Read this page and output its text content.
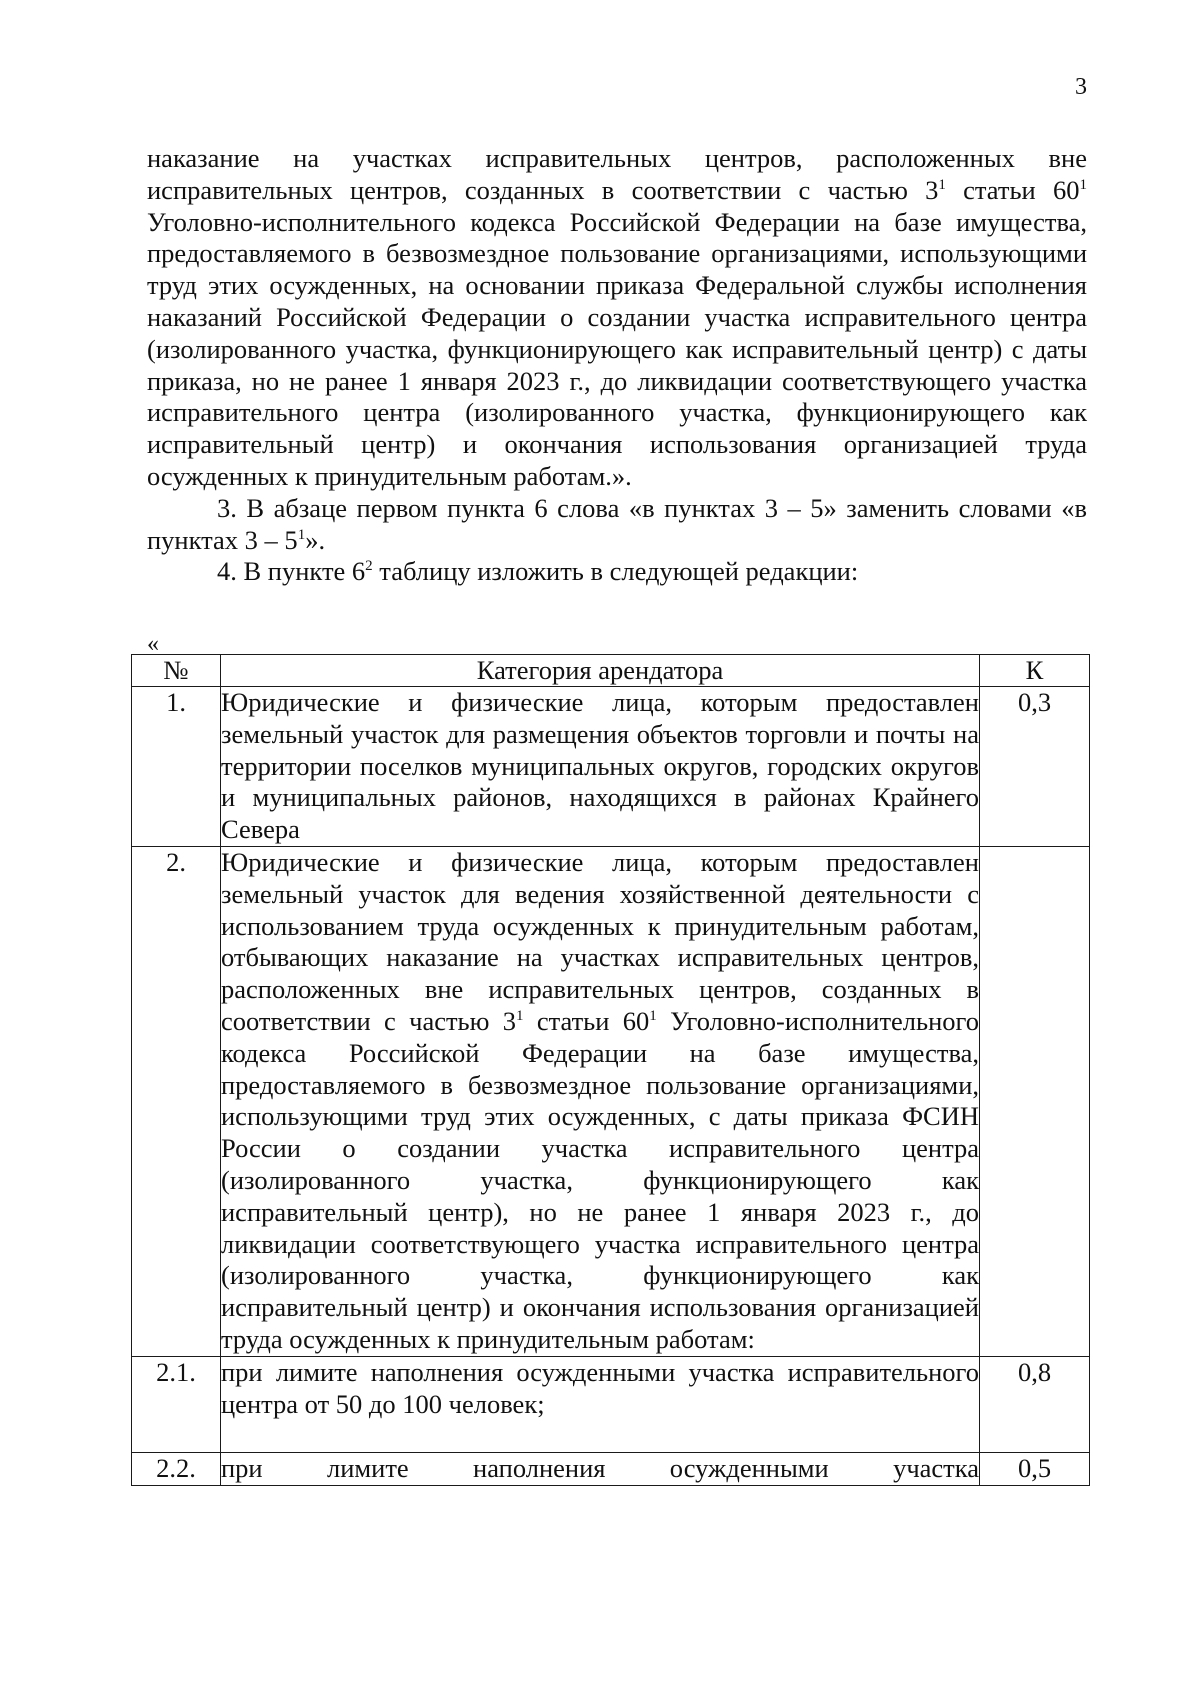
3

наказание на участках исправительных центров, расположенных вне исправительных центров, созданных в соответствии с частью $3^1$ статьи $60^1$ Уголовно-исполнительного кодекса Российской Федерации на базе имущества, предоставляемого в безвозмездное пользование организациями, использующими труд этих осужденных, на основании приказа Федеральной службы исполнения наказаний Российской Федерации о создании участка исправительного центра (изолированного участка, функционирующего как исправительный центр) с даты приказа, но не ранее 1 января 2023 г., до ликвидации соответствующего участка исправительного центра (изолированного участка, функционирующего как исправительный центр) и окончания использования организацией труда осужденных к принудительным работам.».

3. В абзаце первом пункта 6 слова «в пунктах 3 – 5» заменить словами «в пунктах $3 - 5^1$».

4. В пункте $6^2$ таблицу изложить в следующей редакции:

«
№	Категория арендатора	К
1.	Юридические и физические лица, которым предоставлен земельный участок для размещения объектов торговли и почты на территории поселков муниципальных округов, городских округов и муниципальных районов, находящихся в районах Крайнего Севера	0,3
2.	Юридические и физические лица, которым предоставлен земельный участок для ведения хозяйственной деятельности с использованием труда осужденных к принудительным работам, отбывающих наказание на участках исправительных центров, расположенных вне исправительных центров, созданных в соответствии с частью $3^1$ статьи $60^1$ Уголовно-исполнительного кодекса Российской Федерации на базе имущества, предоставляемого в безвозмездное пользование организациями, использующими труд этих осужденных, с даты приказа ФСИН России о создании участка исправительного центра (изолированного участка, функционирующего как исправительный центр), но не ранее 1 января 2023 г., до ликвидации соответствующего участка исправительного центра (изолированного участка, функционирующего как исправительный центр) и окончания использования организацией труда осужденных к принудительным работам:	
2.1.	при лимите наполнения осужденными участка исправительного центра от 50 до 100 человек;	0,8
2.2.	при лимите наполнения осужденными участка	0,5
